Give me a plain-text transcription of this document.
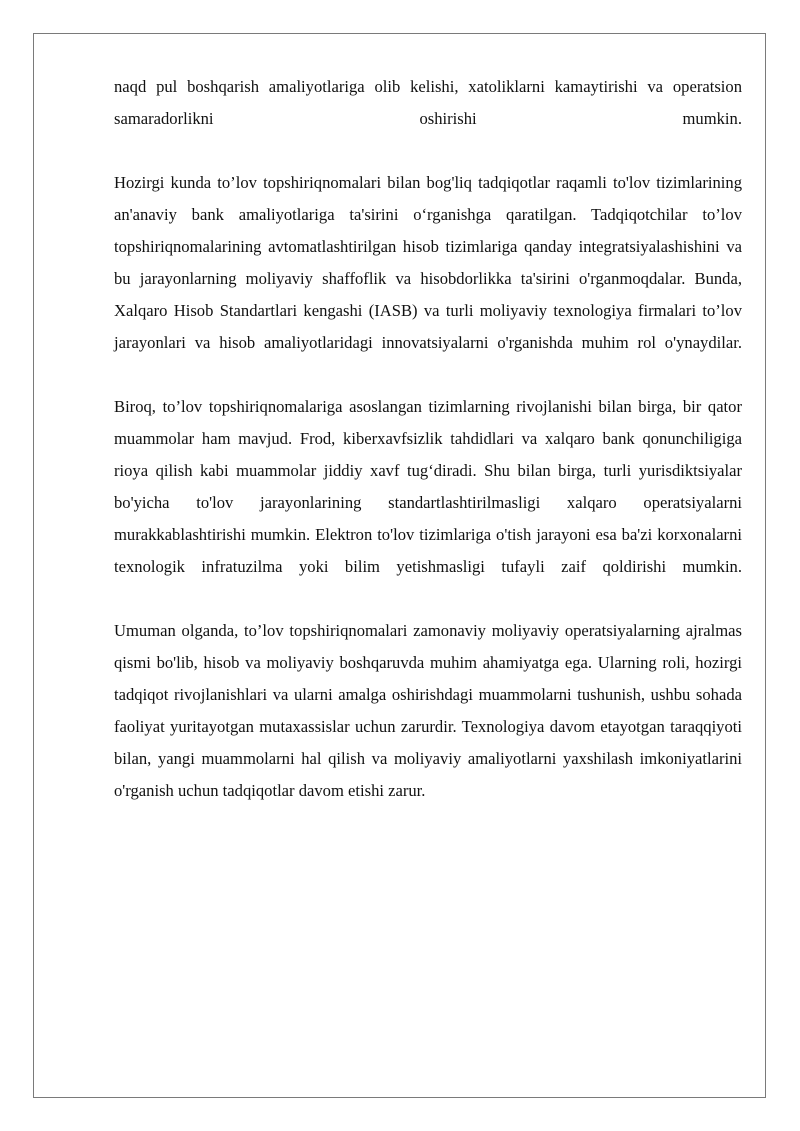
naqd pul boshqarish amaliyotlariga olib kelishi, xatoliklarni kamaytirishi va operatsion samaradorlikni oshirishi mumkin.

Hozirgi kunda to’lov topshiriqnomalari bilan bog'liq tadqiqotlar raqamli to'lov tizimlarining an'anaviy bank amaliyotlariga ta'sirini o‘rganishga qaratilgan. Tadqiqotchilar to’lov topshiriqnomalarining avtomatlashtirilgan hisob tizimlariga qanday integratsiyalashishini va bu jarayonlarning moliyaviy shaffoflik va hisobdorlikka ta'sirini o'rganmoqdalar. Bunda, Xalqaro Hisob Standartlari kengashi (IASB) va turli moliyaviy texnologiya firmalari to’lov jarayonlari va hisob amaliyotlaridagi innovatsiyalarni o'rganishda muhim rol o'ynaydilar.

Biroq, to’lov topshiriqnomalariga asoslangan tizimlarning rivojlanishi bilan birga, bir qator muammolar ham mavjud. Frod, kiberxavfsizlik tahdidlari va xalqaro bank qonunchiligiga rioya qilish kabi muammolar jiddiy xavf tug‘diradi. Shu bilan birga, turli yurisdiktsiyalar bo'yicha to'lov jarayonlarining standartlashtirilmasligi xalqaro operatsiyalarni murakkablashtirishi mumkin. Elektron to'lov tizimlariga o'tish jarayoni esa ba'zi korxonalarni texnologik infratuzilma yoki bilim yetishmasligi tufayli zaif qoldirishi mumkin.

Umuman olganda, to’lov topshiriqnomalari zamonaviy moliyaviy operatsiyalarning ajralmas qismi bo'lib, hisob va moliyaviy boshqaruvda muhim ahamiyatga ega. Ularning roli, hozirgi tadqiqot rivojlanishlari va ularni amalga oshirishdagi muammolarni tushunish, ushbu sohada faoliyat yuritayotgan mutaxassislar uchun zarurdir. Texnologiya davom etayotgan taraqqiyoti bilan, yangi muammolarni hal qilish va moliyaviy amaliyotlarni yaxshilash imkoniyatlarini o'rganish uchun tadqiqotlar davom etishi zarur.
